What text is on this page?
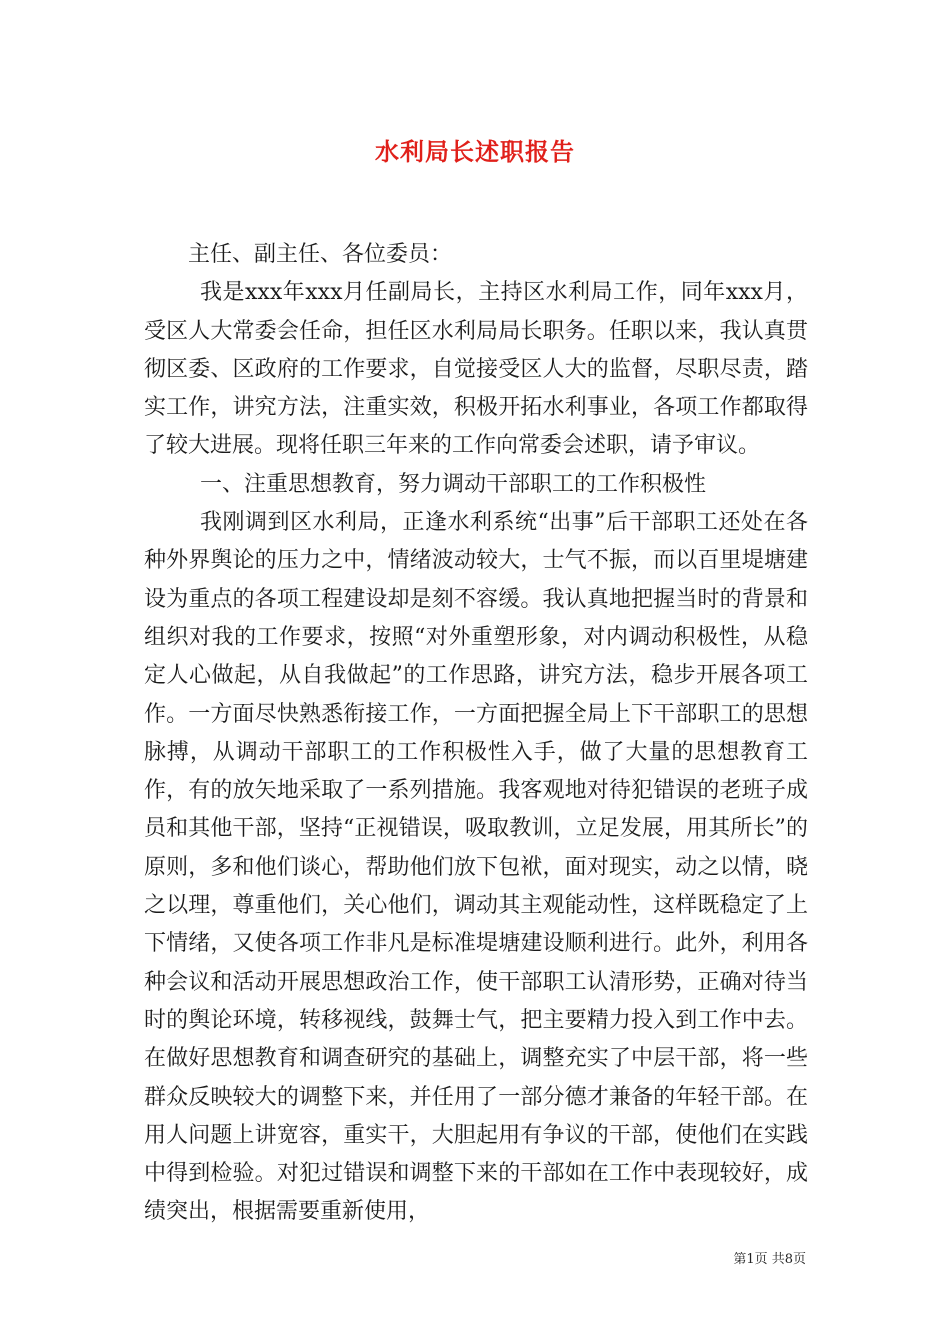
水利局长述职报告

主任、副主任、各位委员：

我是xxx年xxx月任副局长，主持区水利局工作，同年xxx月，受区人大常委会任命，担任区水利局局长职务。任职以来，我认真贯彻区委、区政府的工作要求，自觉接受区人大的监督，尽职尽责，踏实工作，讲究方法，注重实效，积极开拓水利事业，各项工作都取得了较大进展。现将任职三年来的工作向常委会述职，请予审议。

一、注重思想教育，努力调动干部职工的工作积极性

我刚调到区水利局，正逢水利系统“出事”后干部职工还处在各种外界舆论的压力之中，情绪波动较大，士气不振，而以百里堤塘建设为重点的各项工程建设却是刻不容缓。我认真地把握当时的背景和组织对我的工作要求，按照“对外重塑形象，对内调动积极性，从稳定人心做起，从自我做起”的工作思路，讲究方法，稳步开展各项工作。一方面尽快熟悉衔接工作，一方面把握全局上下干部职工的思想脉搏，从调动干部职工的工作积极性入手，做了大量的思想教育工作，有的放矢地采取了一系列措施。我客观地对待犯错误的老班子成员和其他干部，坚持“正视错误，吸取教训，立足发展，用其所长”的原则，多和他们谈心，帮助他们放下包袱，面对现实，动之以情，晓之以理，尊重他们，关心他们，调动其主观能动性，这样既稳定了上下情绪，又使各项工作非凡是标准堤塘建设顺利进行。此外，利用各种会议和活动开展思想政治工作，使干部职工认清形势，正确对待当时的舆论环境，转移视线，鼓舞士气，把主要精力投入到工作中去。在做好思想教育和调查研究的基础上，调整充实了中层干部，将一些群众反映较大的调整下来，并任用了一部分德才兼备的年轻干部。在用人问题上讲宽容，重实干，大胆起用有争议的干部，使他们在实践中得到检验。对犯过错误和调整下来的干部如在工作中表现较好，成绩突出，根据需要重新使用，

第1页 共8页
